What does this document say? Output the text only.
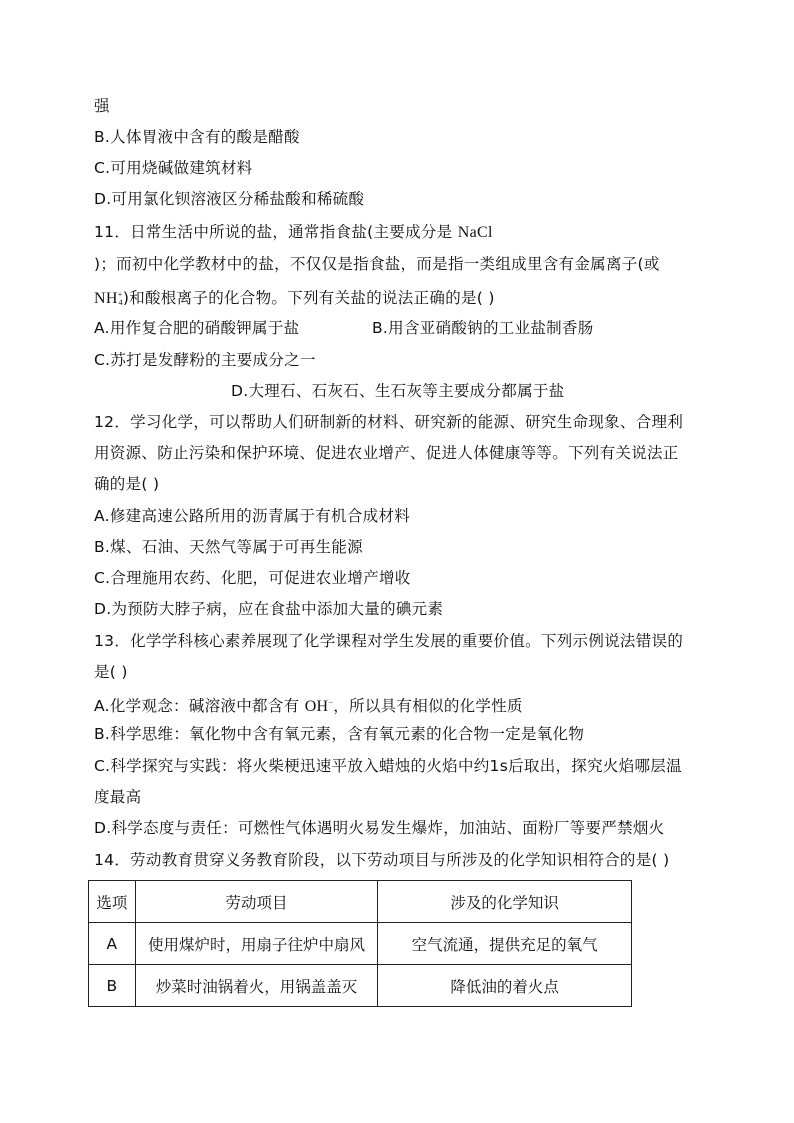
强
B.人体胃液中含有的酸是醋酸
C.可用烧碱做建筑材料
D.可用氯化钡溶液区分稀盐酸和稀硫酸
11．日常生活中所说的盐，通常指食盐(主要成分是 NaCl
)；而初中化学教材中的盐，不仅仅是指食盐，而是指一类组成里含有金属离子(或
$NH^+_4$)和酸根离子的化合物。下列有关盐的说法正确的是( )
A.用作复合肥的硝酸钾属于盐	B.用含亚硝酸钠的工业盐制香肠
C.苏打是发酵粉的主要成分之一
D.大理石、石灰石、生石灰等主要成分都属于盐
12．学习化学，可以帮助人们研制新的材料、研究新的能源、研究生命现象、合理利
用资源、防止污染和保护环境、促进农业增产、促进人体健康等等。下列有关说法正
确的是( )
A.修建高速公路所用的沥青属于有机合成材料
B.煤、石油、天然气等属于可再生能源
C.合理施用农药、化肥，可促进农业增产增收
D.为预防大脖子病，应在食盐中添加大量的碘元素
13．化学学科核心素养展现了化学课程对学生发展的重要价值。下列示例说法错误的
是( )
A.化学观念：碱溶液中都含有 OH−，所以具有相似的化学性质
B.科学思维：氧化物中含有氧元素，含有氧元素的化合物一定是氧化物
C.科学探究与实践：将火柴梗迅速平放入蜡烛的火焰中约1s后取出，探究火焰哪层温
度最高
D.科学态度与责任：可燃性气体遇明火易发生爆炸，加油站、面粉厂等要严禁烟火
14．劳动教育贯穿义务教育阶段，以下劳动项目与所涉及的化学知识相符合的是( )
选项	劳动项目	涉及的化学知识
A	使用煤炉时，用扇子往炉中扇风	空气流通，提供充足的氧气
B	炒菜时油锅着火，用锅盖盖灭	降低油的着火点
